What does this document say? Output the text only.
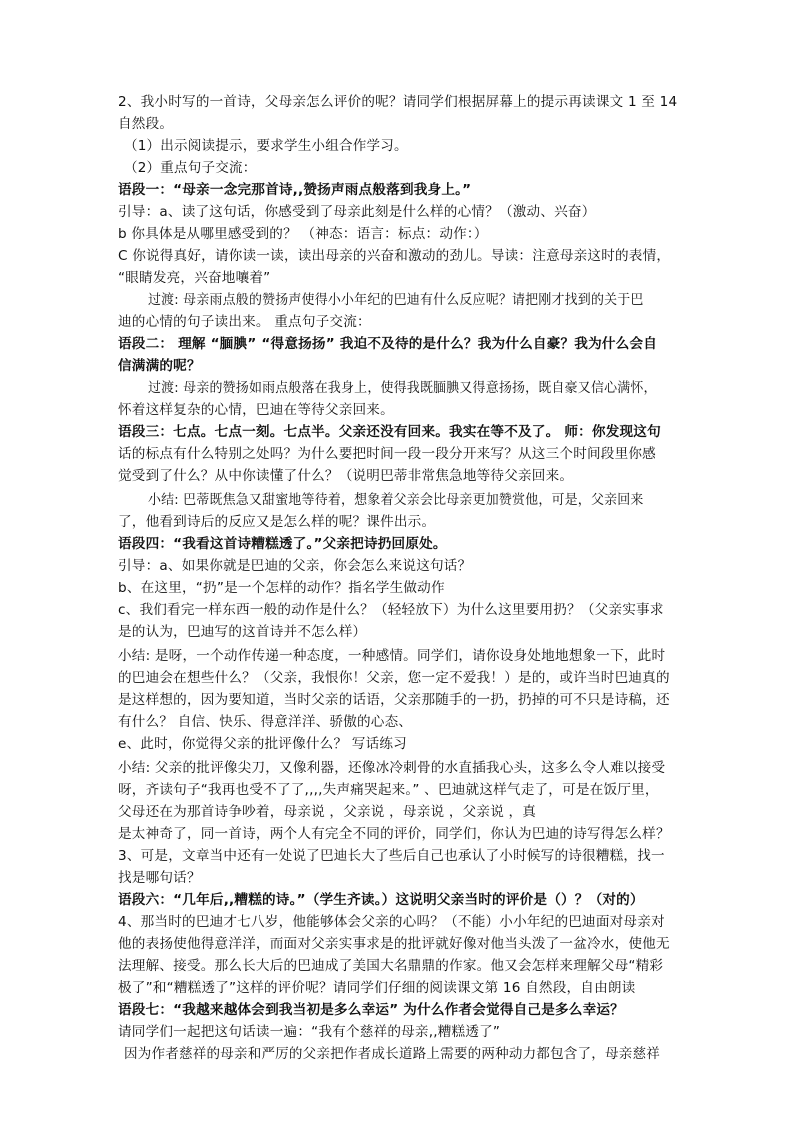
2、我小时写的一首诗，父母亲怎么评价的呢？请同学们根据屏幕上的提示再读课文 1 至 14
自然段。
（1）出示阅读提示，要求学生小组合作学习。
（2）重点句子交流：
语段一：“母亲一念完那首诗,,赞扬声雨点般落到我身上。”
引导：a、读了这句话，你感受到了母亲此刻是什么样的心情？（激动、兴奋）
b 你具体是从哪里感受到的？ （神态：语言：标点：动作：）
C 你说得真好，请你读一读，读出母亲的兴奋和激动的劲儿。导读：注意母亲这时的表情，
“眼睛发亮，兴奋地嚷着”
过渡: 母亲雨点般的赞扬声使得小小年纪的巴迪有什么反应呢？请把刚才找到的关于巴
迪的心情的句子读出来。 重点句子交流：
语段二： 理解 “腼腆” “得意扬扬” 我迫不及待的是什么？我为什么自豪？我为什么会自
信满满的呢？
过渡: 母亲的赞扬如雨点般落在我身上，使得我既腼腆又得意扬扬，既自豪又信心满怀，
怀着这样复杂的心情，巴迪在等待父亲回来。
语段三：七点。七点一刻。七点半。父亲还没有回来。我实在等不及了。 师：你发现这句
话的标点有什么特别之处吗？为什么要把时间一段一段分开来写？从这三个时间段里你感
觉受到了什么？从中你读懂了什么？（说明巴蒂非常焦急地等待父亲回来。
小结: 巴蒂既焦急又甜蜜地等待着，想象着父亲会比母亲更加赞赏他，可是，父亲回来
了，他看到诗后的反应又是怎么样的呢？课件出示。
语段四：“我看这首诗糟糕透了。”父亲把诗扔回原处。
引导：a、如果你就是巴迪的父亲，你会怎么来说这句话？
b、在这里，“扔”是一个怎样的动作？指名学生做动作
c、我们看完一样东西一般的动作是什么？（轻轻放下）为什么这里要用扔？（父亲实事求
是的认为，巴迪写的这首诗并不怎么样）
小结: 是呀，一个动作传递一种态度，一种感情。同学们，请你设身处地地想象一下，此时
的巴迪会在想些什么？（父亲，我恨你！父亲，您一定不爱我！）是的，或许当时巴迪真的
是这样想的，因为要知道，当时父亲的话语，父亲那随手的一扔，扔掉的可不只是诗稿，还
有什么？ 自信、快乐、得意洋洋、骄傲的心态、
e、此时，你觉得父亲的批评像什么？ 写话练习
小结: 父亲的批评像尖刀，又像利器，还像冰冷刺骨的水直插我心头，这多么令人难以接受
呀，齐读句子“我再也受不了了,,,,失声痛哭起来。” 、巴迪就这样气走了，可是在饭厅里，
父母还在为那首诗争吵着，母亲说 ，父亲说 ，母亲说 ，父亲说 ，真
是太神奇了，同一首诗，两个人有完全不同的评价，同学们，你认为巴迪的诗写得怎么样？
3、可是，文章当中还有一处说了巴迪长大了些后自己也承认了小时候写的诗很糟糕，找一
找是哪句话？
语段六：“几年后,,糟糕的诗。”（学生齐读。）这说明父亲当时的评价是（）？（对的）
4、那当时的巴迪才七八岁，他能够体会父亲的心吗？（不能）小小年纪的巴迪面对母亲对
他的表扬使他得意洋洋，而面对父亲实事求是的批评就好像对他当头泼了一盆冷水，使他无
法理解、接受。那么长大后的巴迪成了美国大名鼎鼎的作家。他又会怎样来理解父母“精彩
极了”和“糟糕透了”这样的评价呢？请同学们仔细的阅读课文第 16 自然段，自由朗读
语段七：“我越来越体会到我当初是多么幸运” 为什么作者会觉得自己是多么幸运？
请同学们一起把这句话读一遍：“我有个慈祥的母亲,,糟糕透了”
因为作者慈祥的母亲和严厉的父亲把作者成长道路上需要的两种动力都包含了，母亲慈祥
